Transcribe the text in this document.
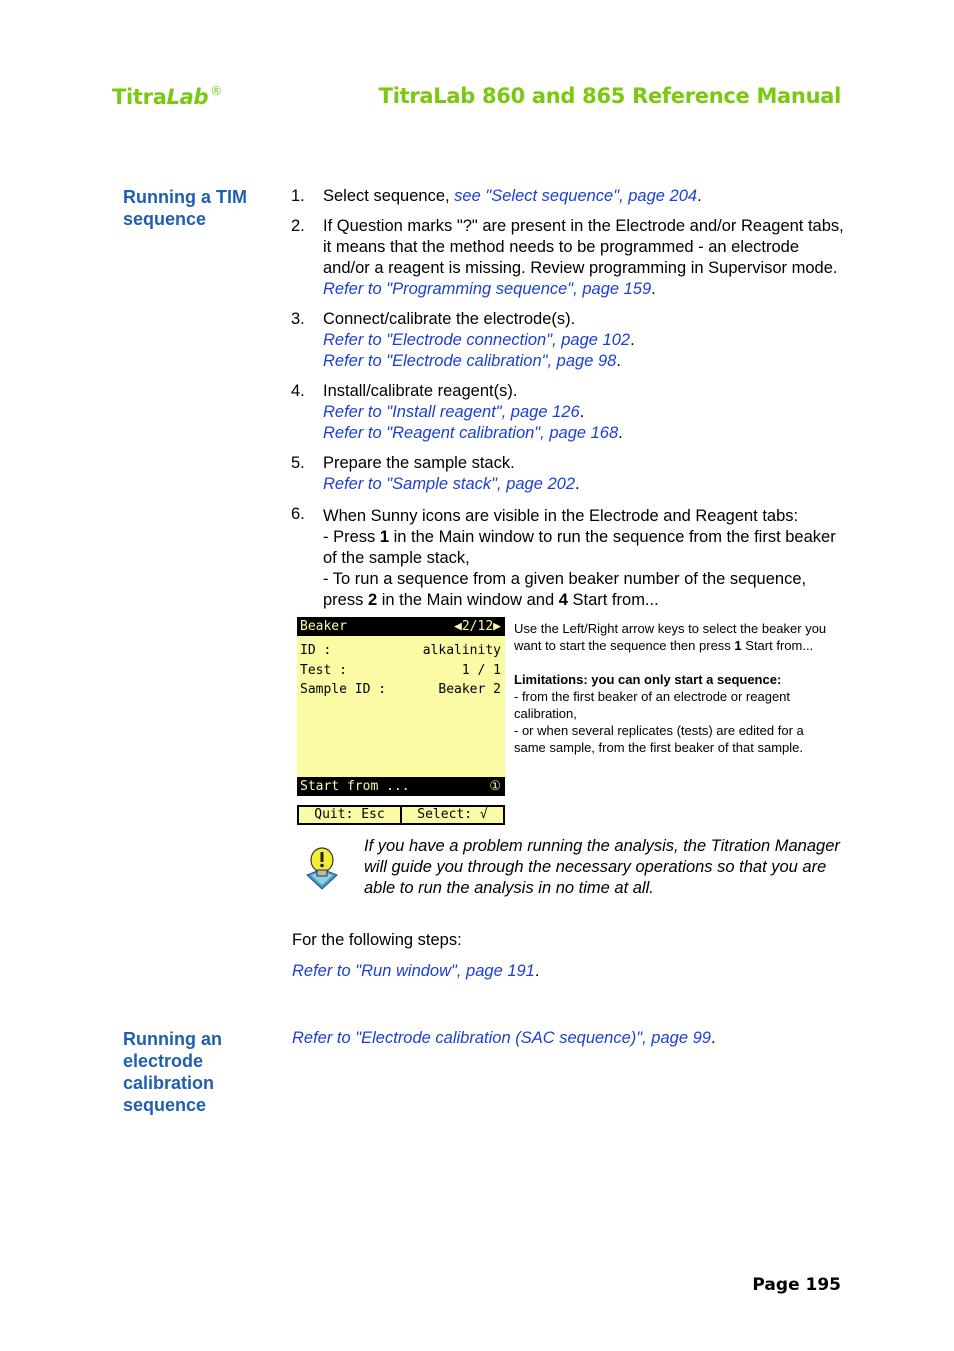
TitraLab ®	TitraLab 860 and 865 Reference Manual
Running a TIM
sequence
1. Select sequence, see "Select sequence", page 204.
2. If Question marks "?" are present in the Electrode and/or Reagent tabs, it means that the method needs to be programmed - an electrode and/or a reagent is missing. Review programming in Supervisor mode. Refer to "Programming sequence", page 159.
3. Connect/calibrate the electrode(s).
Refer to "Electrode connection", page 102.
Refer to "Electrode calibration", page 98.
4. Install/calibrate reagent(s).
Refer to "Install reagent", page 126.
Refer to "Reagent calibration", page 168.
5. Prepare the sample stack.
Refer to "Sample stack", page 202.
6. When Sunny icons are visible in the Electrode and Reagent tabs:
- Press 1 in the Main window to run the sequence from the first beaker of the sample stack,
- To run a sequence from a given beaker number of the sequence, press 2 in the Main window and 4 Start from...
Beaker	◀2/12▶
ID :	alkalinity
Test :	1 / 1
Sample ID :	Beaker 2
Start from ...	①
Quit: Esc	Select: √

Use the Left/Right arrow keys to select the beaker you want to start the sequence then press 1 Start from...

Limitations: you can only start a sequence:

- from the first beaker of an electrode or reagent calibration,

- or when several replicates (tests) are edited for a same sample, from the first beaker of that sample.

If you have a problem running the analysis, the Titration Manager will guide you through the necessary operations so that you are able to run the analysis in no time at all.
For the following steps:
Refer to "Run window", page 191.
Running an
electrode
calibration
sequence
Refer to "Electrode calibration (SAC sequence)", page 99.
Page 195
